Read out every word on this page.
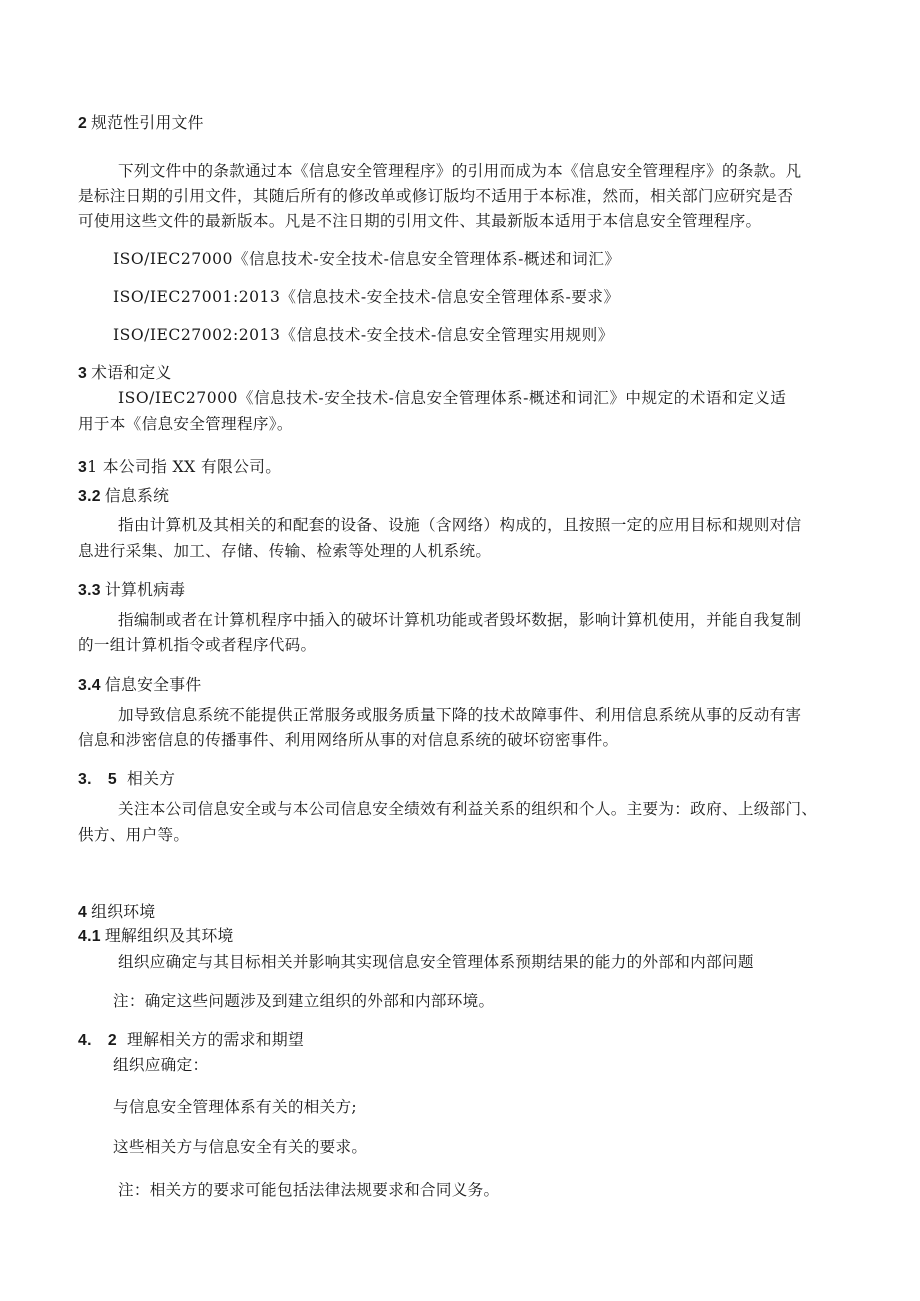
2 规范性引用文件
下列文件中的条款通过本《信息安全管理程序》的引用而成为本《信息安全管理程序》的条款。凡
是标注日期的引用文件，其随后所有的修改单或修订版均不适用于本标准，然而，相关部门应研究是否
可使用这些文件的最新版本。凡是不注日期的引用文件、其最新版本适用于本信息安全管理程序。
ISO/IEC27000《信息技术-安全技术-信息安全管理体系-概述和词汇》
ISO/IEC27001:2013《信息技术-安全技术-信息安全管理体系-要求》
ISO/IEC27002:2013《信息技术-安全技术-信息安全管理实用规则》
3 术语和定义
ISO/IEC27000《信息技术-安全技术-信息安全管理体系-概述和词汇》中规定的术语和定义适
用于本《信息安全管理程序》。
31 本公司指 XX 有限公司。
3.2 信息系统
指由计算机及其相关的和配套的设备、设施（含网络）构成的，且按照一定的应用目标和规则对信
息进行采集、加工、存储、传输、检索等处理的人机系统。
3.3 计算机病毒
指编制或者在计算机程序中插入的破坏计算机功能或者毁坏数据，影响计算机使用，并能自我复制
的一组计算机指令或者程序代码。
3.4 信息安全事件
加导致信息系统不能提供正常服务或服务质量下降的技术故障事件、利用信息系统从事的反动有害
信息和涉密信息的传播事件、利用网络所从事的对信息系统的破坏窃密事件。
3.　5 相关方
关注本公司信息安全或与本公司信息安全绩效有利益关系的组织和个人。主要为：政府、上级部门、
供方、用户等。
4 组织环境
4.1 理解组织及其环境
组织应确定与其目标相关并影响其实现信息安全管理体系预期结果的能力的外部和内部问题
注：确定这些问题涉及到建立组织的外部和内部环境。
4.　2 理解相关方的需求和期望
组织应确定：
与信息安全管理体系有关的相关方;
这些相关方与信息安全有关的要求。
注：相关方的要求可能包括法律法规要求和合同义务。
